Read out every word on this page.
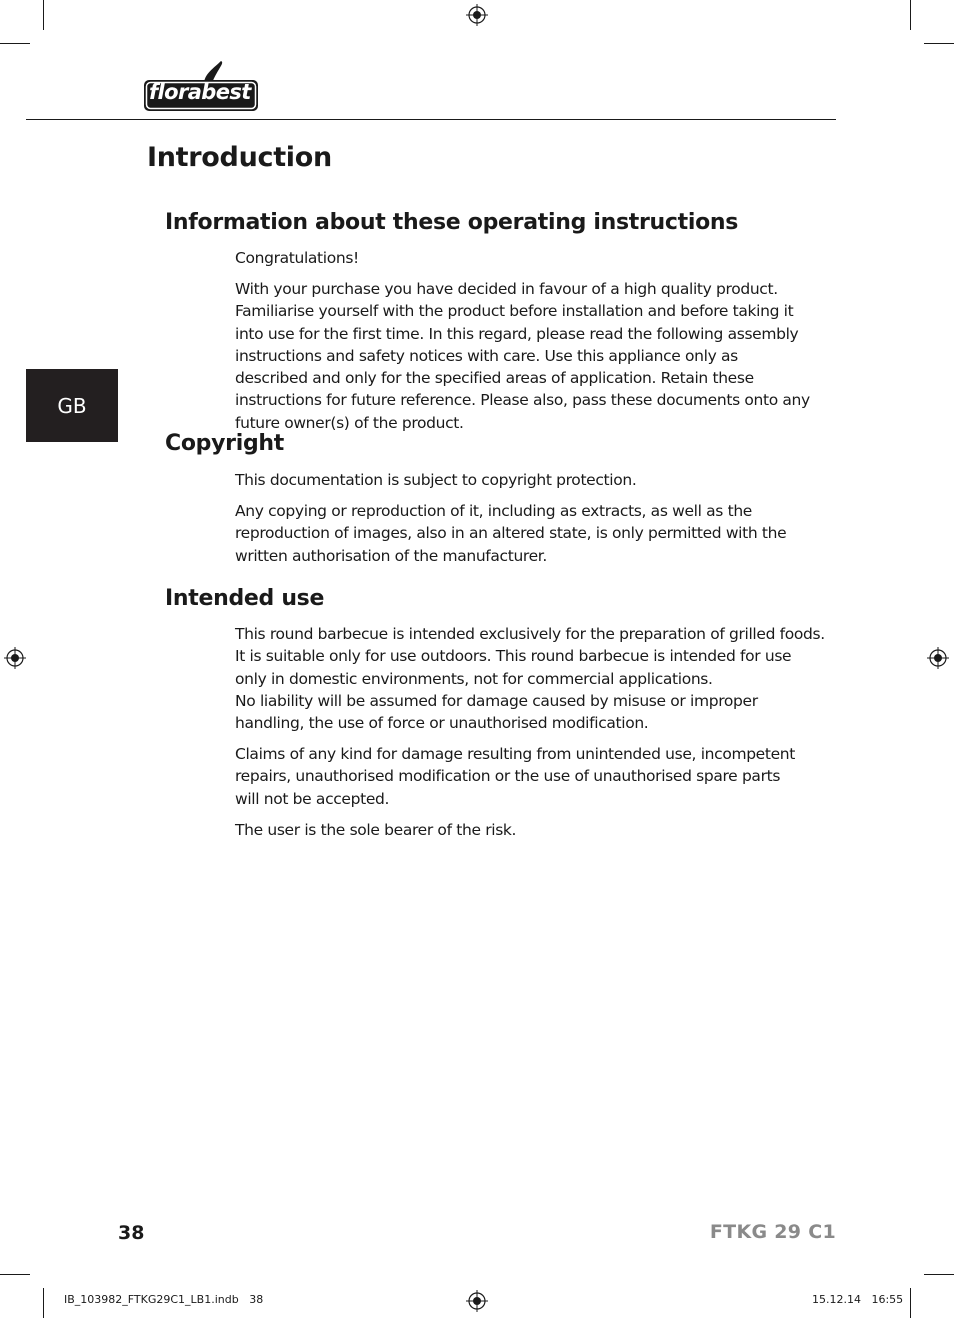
florabest
Introduction
Information about these operating instructions

Congratulations!

With your purchase you have decided in favour of a high quality product. Familiarise yourself with the product before installation and before taking it into use for the first time. In this regard, please read the following assembly instructions and safety notices with care. Use this appliance only as described and only for the specified areas of application. Retain these instructions for future reference. Please also, pass these documents onto any future owner(s) of the product.

Copyright

This documentation is subject to copyright protection.

Any copying or reproduction of it, including as extracts, as well as the reproduction of images, also in an altered state, is only permitted with the written authorisation of the manufacturer.

Intended use

This round barbecue is intended exclusively for the preparation of grilled foods. It is suitable only for use outdoors. This round barbecue is intended for use only in domestic environments, not for commercial applications.

No liability will be assumed for damage caused by misuse or improper handling, the use of force or unauthorised modification.

Claims of any kind for damage resulting from unintended use, incompetent repairs, unauthorised modification or the use of unauthorised spare parts will not be accepted.

The user is the sole bearer of the risk.

GB
38	FTKG 29 C1
IB_103982_FTKG29C1_LB1.indb   38	15.12.14   16:55
